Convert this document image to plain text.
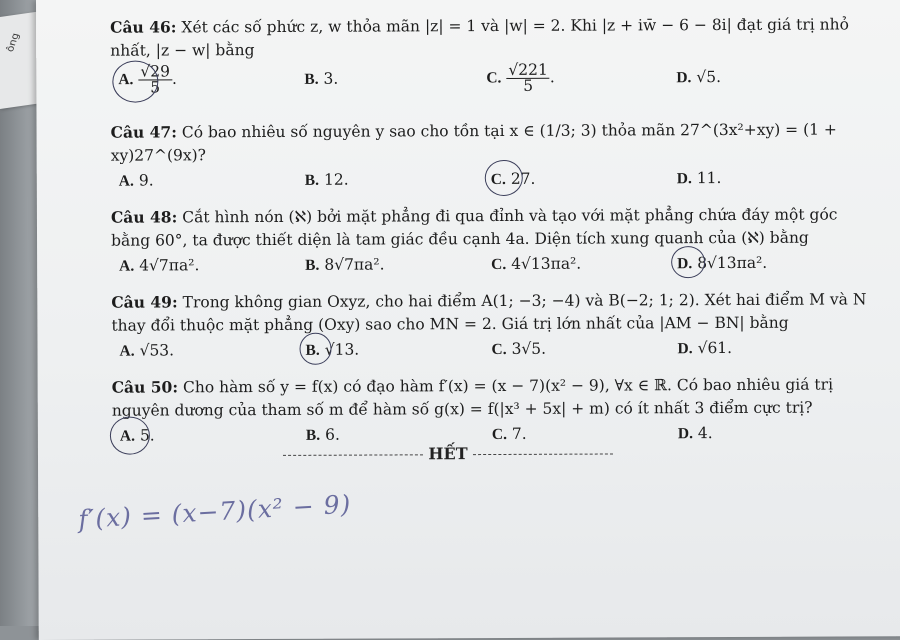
ông
Câu 46: Xét các số phức z, w thỏa mãn |z| = 1 và |w| = 2. Khi |z + iw̄ − 6 − 8i| đạt giá trị nhỏ nhất, |z − w| bằng
A. $\frac{√29}{5}$ .	B. 3.	C. $\frac{√221}{5}$ .	D. √5.
Câu 47: Có bao nhiêu số nguyên y sao cho tồn tại x ∈ (1/3; 3) thỏa mãn 27^(3x²+xy) = (1 + xy)27^(9x)?
A. 9.	B. 12.	C. 27.	D. 11.
Câu 48: Cắt hình nón (ℵ) bởi mặt phẳng đi qua đỉnh và tạo với mặt phẳng chứa đáy một góc bằng 60°, ta được thiết diện là tam giác đều cạnh 4a. Diện tích xung quanh của (ℵ) bằng
A. 4√7πa².	B. 8√7πa².	C. 4√13πa².	D. 8√13πa².
Câu 49: Trong không gian Oxyz, cho hai điểm A(1; −3; −4) và B(−2; 1; 2). Xét hai điểm M và N thay đổi thuộc mặt phẳng (Oxy) sao cho MN = 2. Giá trị lớn nhất của |AM − BN| bằng
A. √53.	B. √13.	C. 3√5.	D. √61.
Câu 50: Cho hàm số y = f(x) có đạo hàm f′(x) = (x − 7)(x² − 9), ∀x ∈ ℝ. Có bao nhiêu giá trị nguyên dương của tham số m để hàm số g(x) = f(|x³ + 5x| + m) có ít nhất 3 điểm cực trị?
A. 5.	B. 6.	C. 7.	D. 4.
HẾT
f′(x) = (x−7)(x² − 9)
